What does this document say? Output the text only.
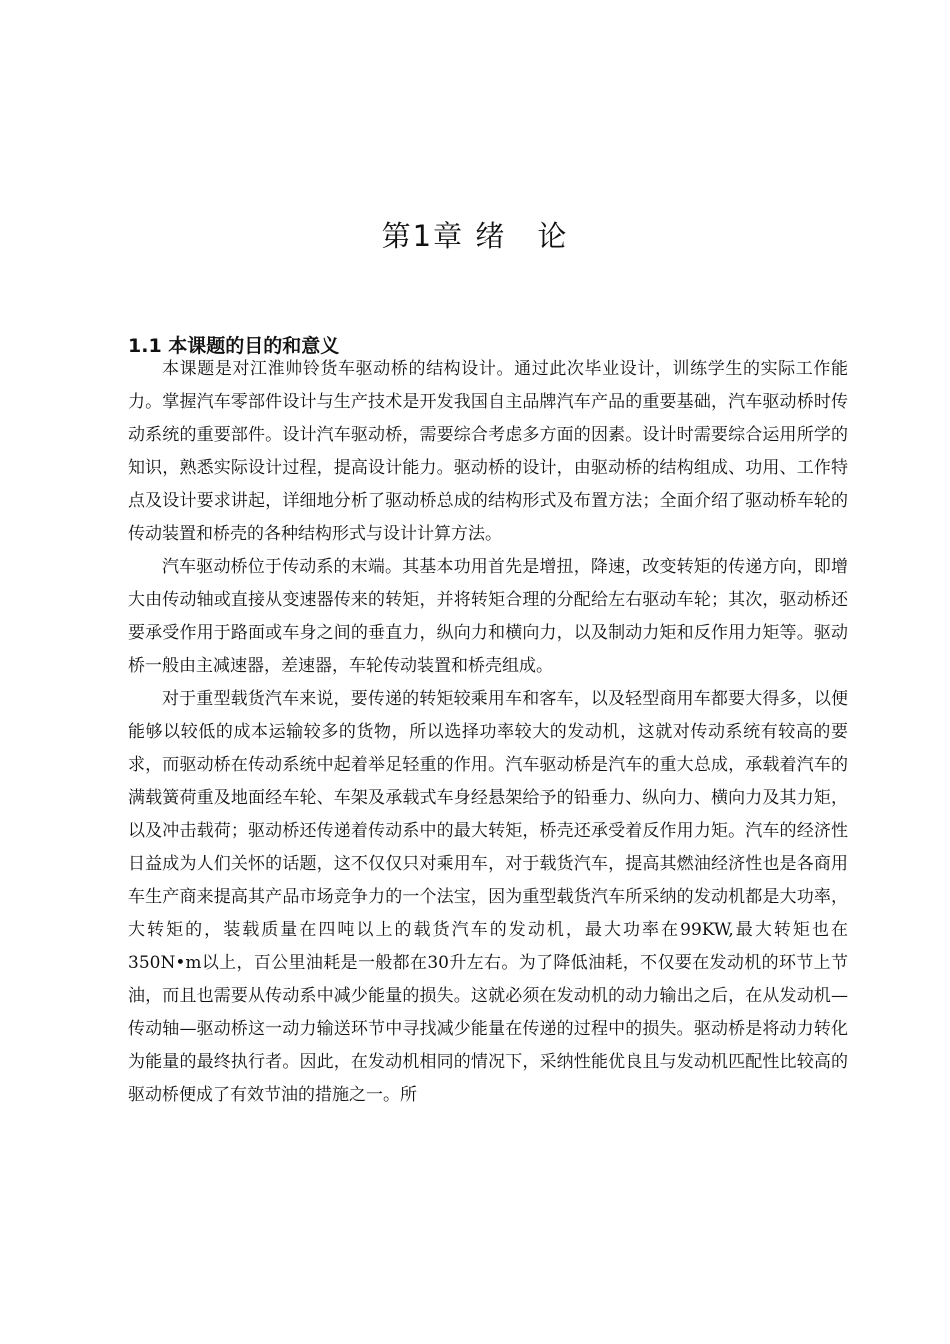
第1章 绪　论
1.1 本课题的目的和意义

本课题是对江淮帅铃货车驱动桥的结构设计。通过此次毕业设计，训练学生的实际工作能力。掌握汽车零部件设计与生产技术是开发我国自主品牌汽车产品的重要基础，汽车驱动桥时传动系统的重要部件。设计汽车驱动桥，需要综合考虑多方面的因素。设计时需要综合运用所学的知识，熟悉实际设计过程，提高设计能力。驱动桥的设计，由驱动桥的结构组成、功用、工作特点及设计要求讲起，详细地分析了驱动桥总成的结构形式及布置方法；全面介绍了驱动桥车轮的传动装置和桥壳的各种结构形式与设计计算方法。

汽车驱动桥位于传动系的末端。其基本功用首先是增扭，降速，改变转矩的传递方向，即增大由传动轴或直接从变速器传来的转矩，并将转矩合理的分配给左右驱动车轮；其次，驱动桥还要承受作用于路面或车身之间的垂直力，纵向力和横向力，以及制动力矩和反作用力矩等。驱动桥一般由主减速器，差速器，车轮传动装置和桥壳组成。

对于重型载货汽车来说，要传递的转矩较乘用车和客车，以及轻型商用车都要大得多，以便能够以较低的成本运输较多的货物，所以选择功率较大的发动机，这就对传动系统有较高的要求，而驱动桥在传动系统中起着举足轻重的作用。汽车驱动桥是汽车的重大总成，承载着汽车的满载簧荷重及地面经车轮、车架及承载式车身经悬架给予的铅垂力、纵向力、横向力及其力矩，以及冲击载荷；驱动桥还传递着传动系中的最大转矩，桥壳还承受着反作用力矩。汽车的经济性日益成为人们关怀的话题，这不仅仅只对乘用车，对于载货汽车，提高其燃油经济性也是各商用车生产商来提高其产品市场竞争力的一个法宝，因为重型载货汽车所采纳的发动机都是大功率，大转矩的，装载质量在四吨以上的载货汽车的发动机，最大功率在99KW,最大转矩也在350N•m以上，百公里油耗是一般都在30升左右。为了降低油耗，不仅要在发动机的环节上节油，而且也需要从传动系中减少能量的损失。这就必须在发动机的动力输出之后，在从发动机—传动轴—驱动桥这一动力输送环节中寻找减少能量在传递的过程中的损失。驱动桥是将动力转化为能量的最终执行者。因此，在发动机相同的情况下，采纳性能优良且与发动机匹配性比较高的驱动桥便成了有效节油的措施之一。所
